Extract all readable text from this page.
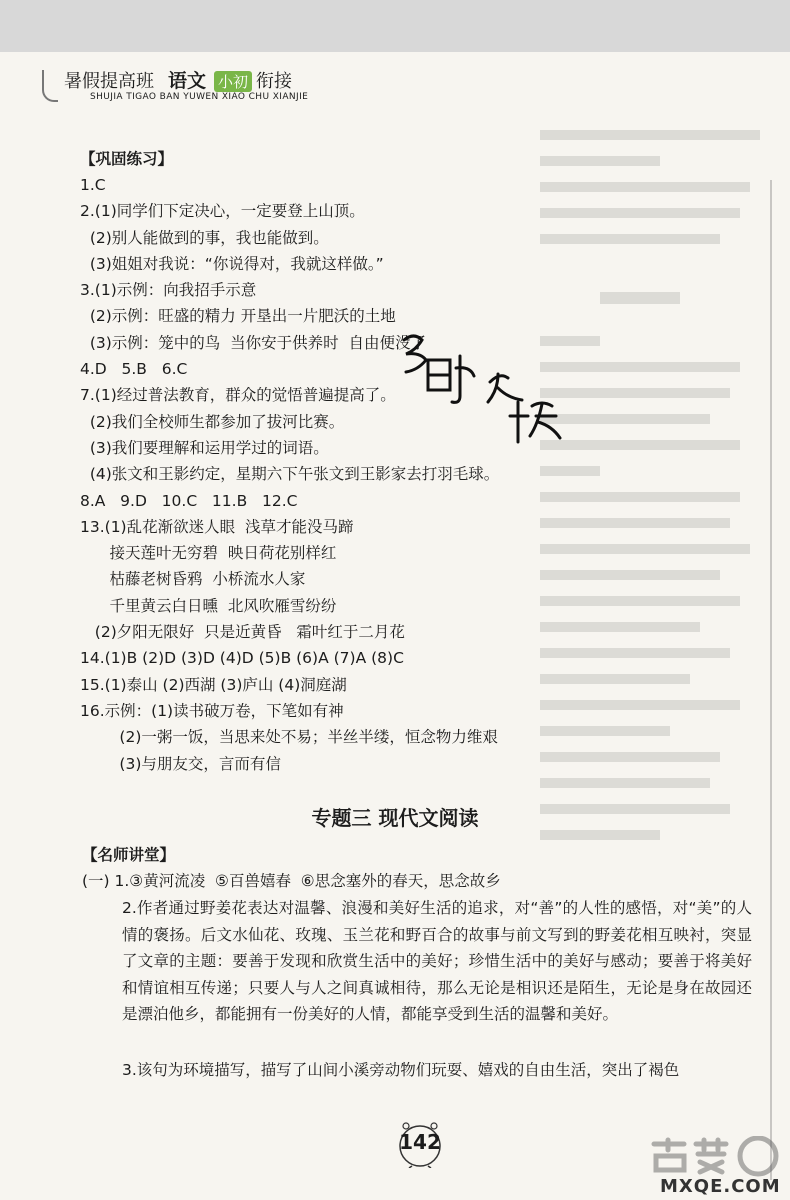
暑假提高班 语文 小初 衔接
SHUJIA TIGAO BAN YUWEN XIAO CHU XIANJIE
【巩固练习】
1.C
2.(1)同学们下定决心，一定要登上山顶。
(2)别人能做到的事，我也能做到。
(3)姐姐对我说：“你说得对，我就这样做。”
3.(1)示例：向我招手示意
(2)示例：旺盛的精力 开垦出一片肥沃的土地
(3)示例：笼中的鸟  当你安于供养时  自由便没了
4.D   5.B   6.C
7.(1)经过普法教育，群众的觉悟普遍提高了。
(2)我们全校师生都参加了拔河比赛。
(3)我们要理解和运用学过的词语。
(4)张文和王影约定，星期六下午张文到王影家去打羽毛球。
8.A   9.D   10.C   11.B   12.C
13.(1)乱花渐欲迷人眼  浅草才能没马蹄
接天莲叶无穷碧  映日荷花别样红
枯藤老树昏鸦  小桥流水人家
千里黄云白日曛  北风吹雁雪纷纷
(2)夕阳无限好  只是近黄昏   霜叶红于二月花
14.(1)B (2)D (3)D (4)D (5)B (6)A (7)A (8)C
15.(1)泰山 (2)西湖 (3)庐山 (4)洞庭湖
16.示例：(1)读书破万卷，下笔如有神
(2)一粥一饭，当思来处不易；半丝半缕，恒念物力维艰
(3)与朋友交，言而有信
专题三 现代文阅读
【名师讲堂】
(一) 1.③黄河流凌  ⑤百兽嬉春  ⑥思念塞外的春天，思念故乡

2.作者通过野姜花表达对温馨、浪漫和美好生活的追求，对“善”的人性的感悟，对“美”的人情的褒扬。后文水仙花、玫瑰、玉兰花和野百合的故事与前文写到的野姜花相互映衬，突显了文章的主题：要善于发现和欣赏生活中的美好；珍惜生活中的美好与感动；要善于将美好和情谊相互传递；只要人与人之间真诚相待，那么无论是相识还是陌生，无论是身在故园还是漂泊他乡，都能拥有一份美好的人情，都能享受到生活的温馨和美好。

3.该句为环境描写，描写了山间小溪旁动物们玩耍、嬉戏的自由生活，突出了褐色
142
MXQE.COM
